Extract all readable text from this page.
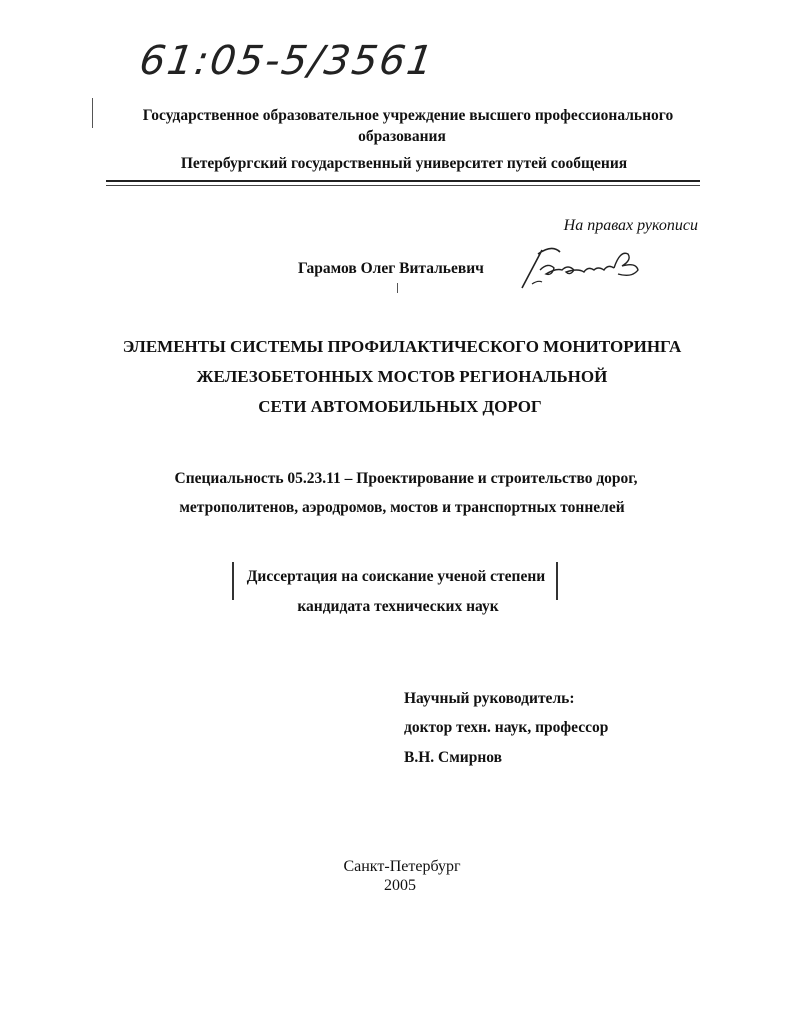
61:05-5/3561
Государственное образовательное учреждение высшего профессионального
образования
Петербургский государственный университет путей сообщения
На правах рукописи
Гарамов Олег Витальевич
ЭЛЕМЕНТЫ СИСТЕМЫ ПРОФИЛАКТИЧЕСКОГО МОНИТОРИНГА
ЖЕЛЕЗОБЕТОННЫХ МОСТОВ РЕГИОНАЛЬНОЙ
СЕТИ АВТОМОБИЛЬНЫХ ДОРОГ
Специальность 05.23.11 – Проектирование и строительство дорог,
метрополитенов, аэродромов, мостов и транспортных тоннелей
Диссертация на соискание ученой степени
кандидата технических наук
Научный руководитель:
доктор техн. наук, профессор
В.Н. Смирнов
Санкт-Петербург
2005
